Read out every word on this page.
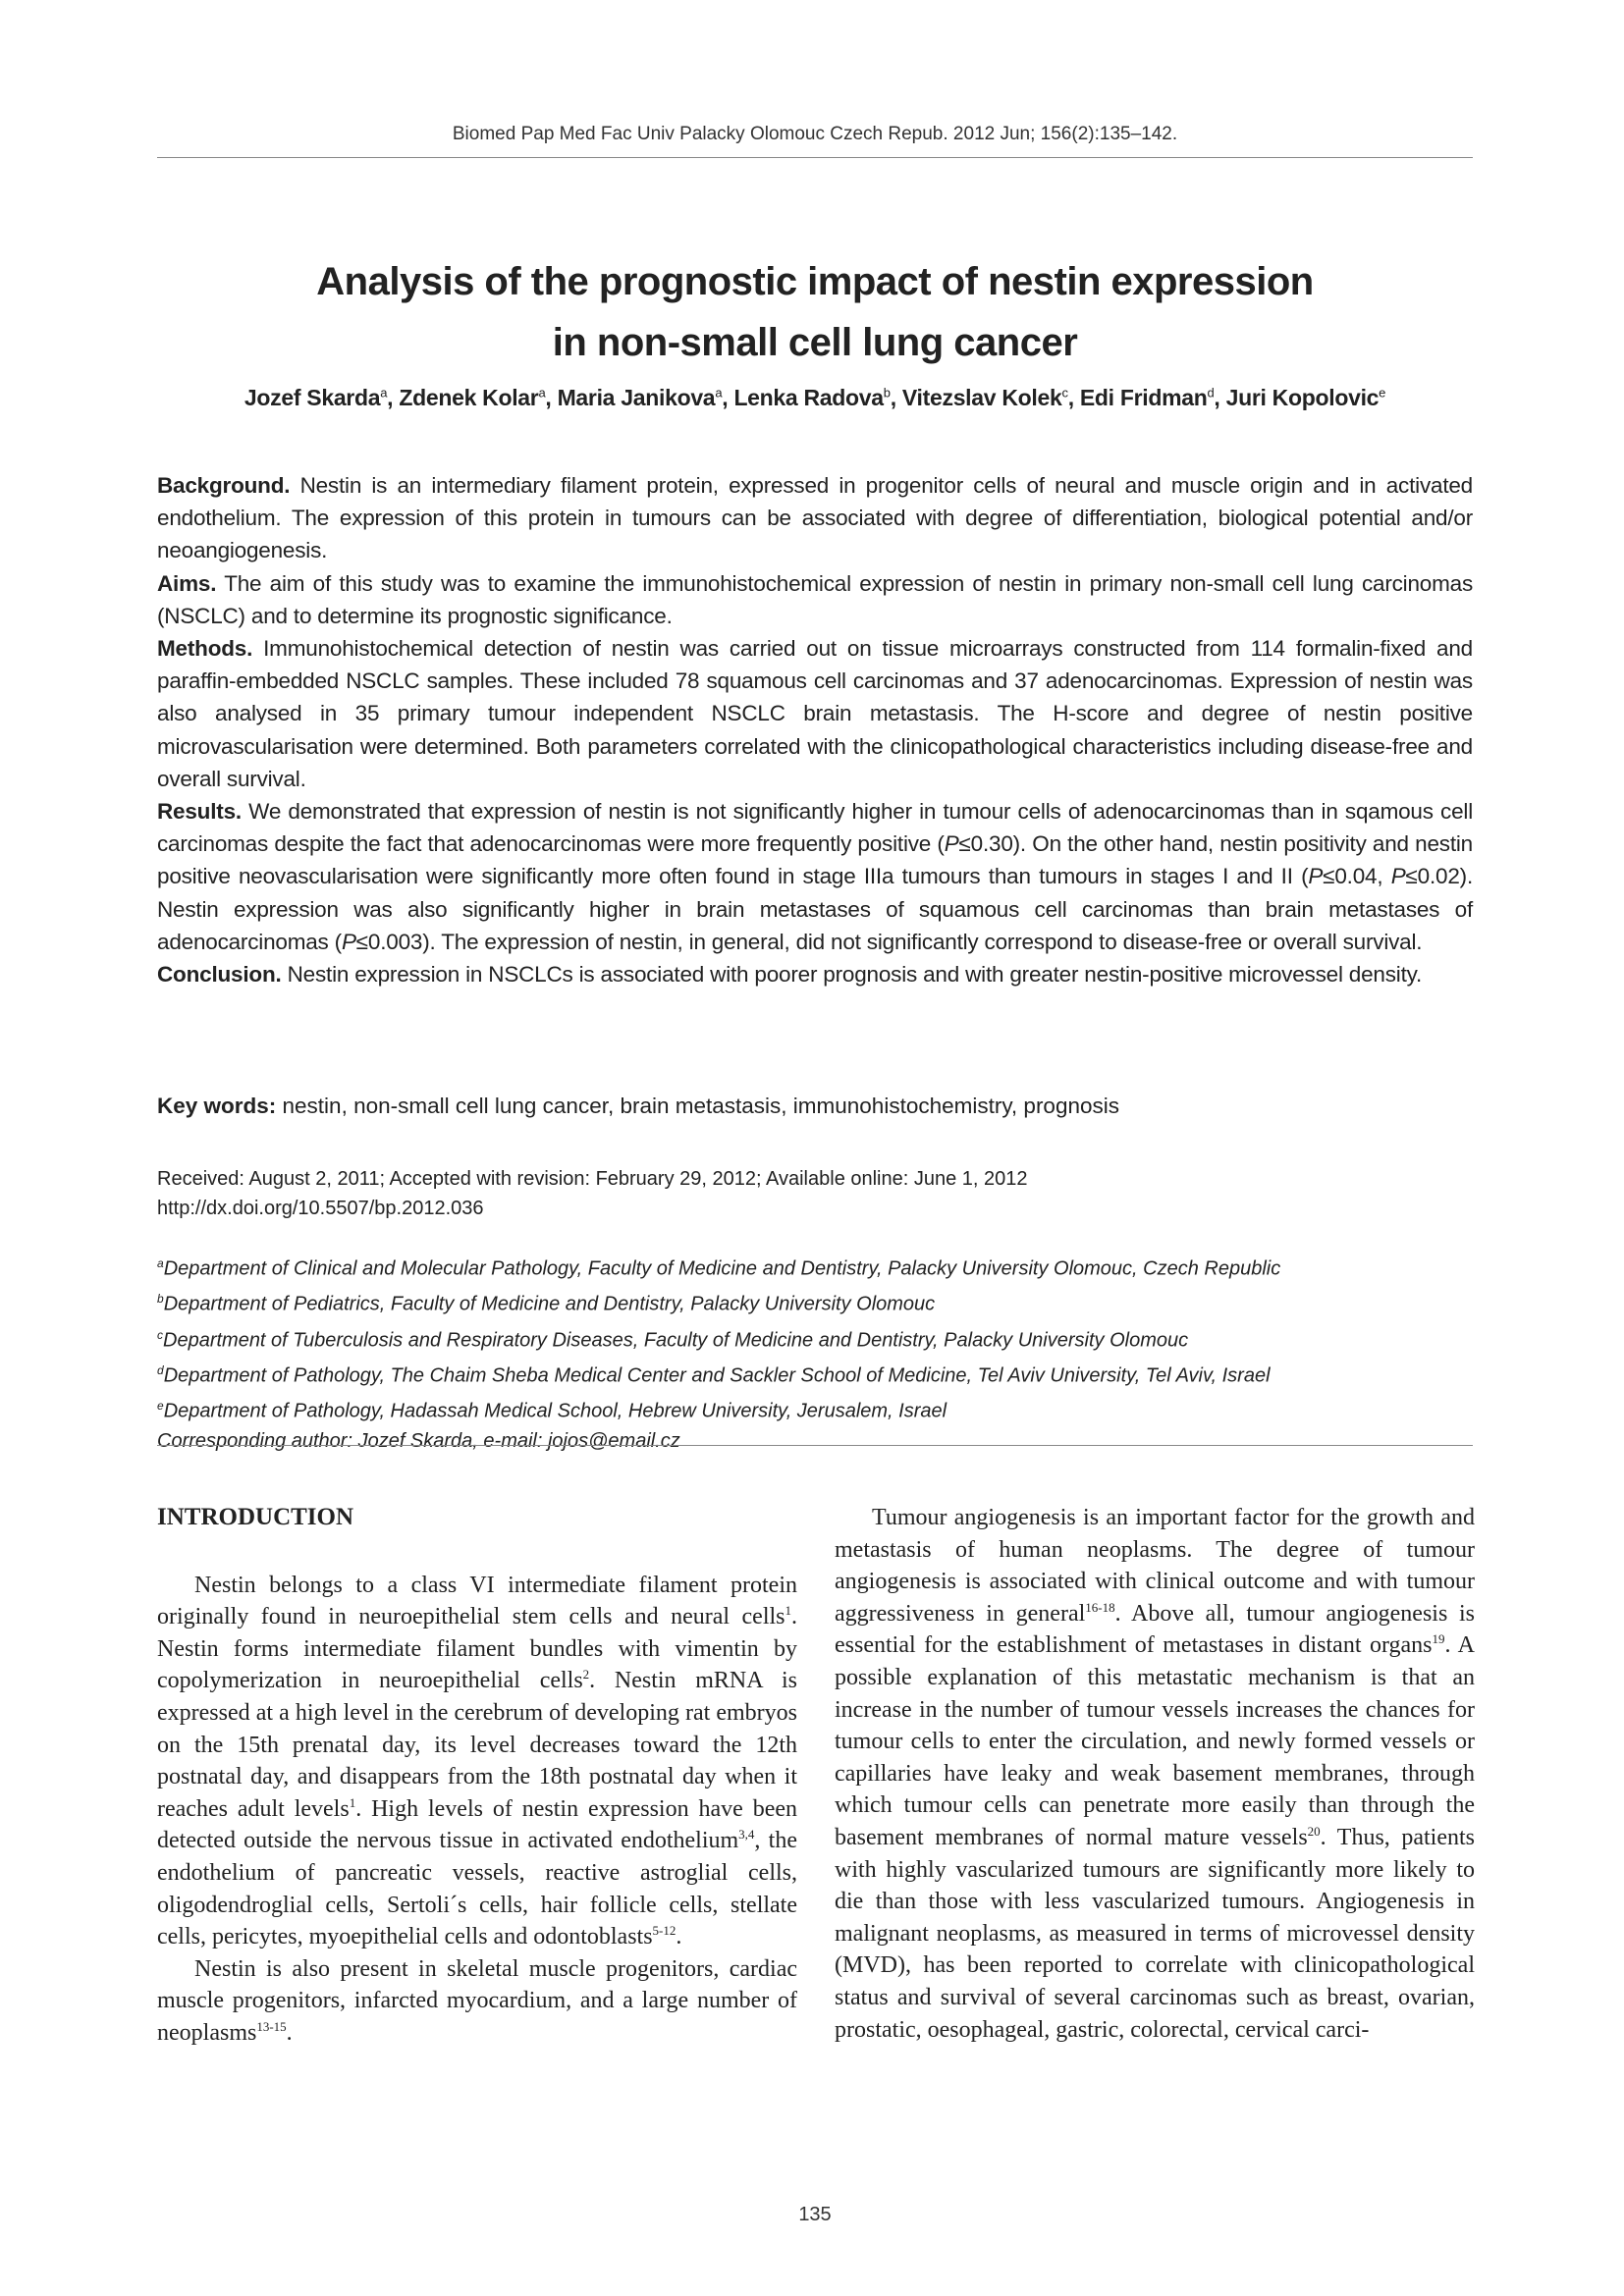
Biomed Pap Med Fac Univ Palacky Olomouc Czech Repub. 2012 Jun; 156(2):135–142.
Analysis of the prognostic impact of nestin expression
in non-small cell lung cancer
Jozef Skarda$^a$, Zdenek Kolar$^a$, Maria Janikova$^a$, Lenka Radova$^b$, Vitezslav Kolek$^c$, Edi Fridman$^d$, Juri Kopolovic$^e$

Background. Nestin is an intermediary filament protein, expressed in progenitor cells of neural and muscle origin and in activated endothelium. The expression of this protein in tumours can be associated with degree of differentiation, biological potential and/or neoangiogenesis.

Aims. The aim of this study was to examine the immunohistochemical expression of nestin in primary non-small cell lung carcinomas (NSCLC) and to determine its prognostic significance.

Methods. Immunohistochemical detection of nestin was carried out on tissue microarrays constructed from 114 formalin-fixed and paraffin-embedded NSCLC samples. These included 78 squamous cell carcinomas and 37 adenocarcinomas. Expression of nestin was also analysed in 35 primary tumour independent NSCLC brain metastasis. The H-score and degree of nestin positive microvascularisation were determined. Both parameters correlated with the clinicopathological characteristics including disease-free and overall survival.

Results. We demonstrated that expression of nestin is not significantly higher in tumour cells of adenocarcinomas than in sqamous cell carcinomas despite the fact that adenocarcinomas were more frequently positive (P≤0.30). On the other hand, nestin positivity and nestin positive neovascularisation were significantly more often found in stage IIIa tumours than tumours in stages I and II (P≤0.04, P≤0.02). Nestin expression was also significantly higher in brain metastases of squamous cell carcinomas than brain metastases of adenocarcinomas (P≤0.003). The expression of nestin, in general, did not significantly correspond to disease-free or overall survival.

Conclusion. Nestin expression in NSCLCs is associated with poorer prognosis and with greater nestin-positive microvessel density.

Key words: nestin, non-small cell lung cancer, brain metastasis, immunohistochemistry, prognosis
Received: August 2, 2011; Accepted with revision: February 29, 2012; Available online: June 1, 2012
http://dx.doi.org/10.5507/bp.2012.036
$^a$Department of Clinical and Molecular Pathology, Faculty of Medicine and Dentistry, Palacky University Olomouc, Czech Republic
$^b$Department of Pediatrics, Faculty of Medicine and Dentistry, Palacky University Olomouc
$^c$Department of Tuberculosis and Respiratory Diseases, Faculty of Medicine and Dentistry, Palacky University Olomouc
$^d$Department of Pathology, The Chaim Sheba Medical Center and Sackler School of Medicine, Tel Aviv University, Tel Aviv, Israel
$^e$Department of Pathology, Hadassah Medical School, Hebrew University, Jerusalem, Israel
Corresponding author: Jozef Skarda, e-mail: jojos@email.cz
INTRODUCTION

Nestin belongs to a class VI intermediate filament protein originally found in neuroepithelial stem cells and neural cells$^1$. Nestin forms intermediate filament bundles with vimentin by copolymerization in neuroepithelial cells$^2$. Nestin mRNA is expressed at a high level in the cerebrum of developing rat embryos on the 15th prenatal day, its level decreases toward the 12th postnatal day, and disappears from the 18th postnatal day when it reaches adult levels$^1$. High levels of nestin expression have been detected outside the nervous tissue in activated endothelium$^{3,4}$, the endothelium of pancreatic vessels, reactive astroglial cells, oligodendroglial cells, Sertoli´s cells, hair follicle cells, stellate cells, pericytes, myoepithelial cells and odontoblasts$^{5-12}$.

Nestin is also present in skeletal muscle progenitors, cardiac muscle progenitors, infarcted myocardium, and a large number of neoplasms$^{13-15}$.

Tumour angiogenesis is an important factor for the growth and metastasis of human neoplasms. The degree of tumour angiogenesis is associated with clinical outcome and with tumour aggressiveness in general$^{16-18}$. Above all, tumour angiogenesis is essential for the establishment of metastases in distant organs$^{19}$. A possible explanation of this metastatic mechanism is that an increase in the number of tumour vessels increases the chances for tumour cells to enter the circulation, and newly formed vessels or capillaries have leaky and weak basement membranes, through which tumour cells can penetrate more easily than through the basement membranes of normal mature vessels$^{20}$. Thus, patients with highly vascularized tumours are significantly more likely to die than those with less vascularized tumours. Angiogenesis in malignant neoplasms, as measured in terms of microvessel density (MVD), has been reported to correlate with clinicopathological status and survival of several carcinomas such as breast, ovarian, prostatic, oesophageal, gastric, colorectal, cervical carci-

135
